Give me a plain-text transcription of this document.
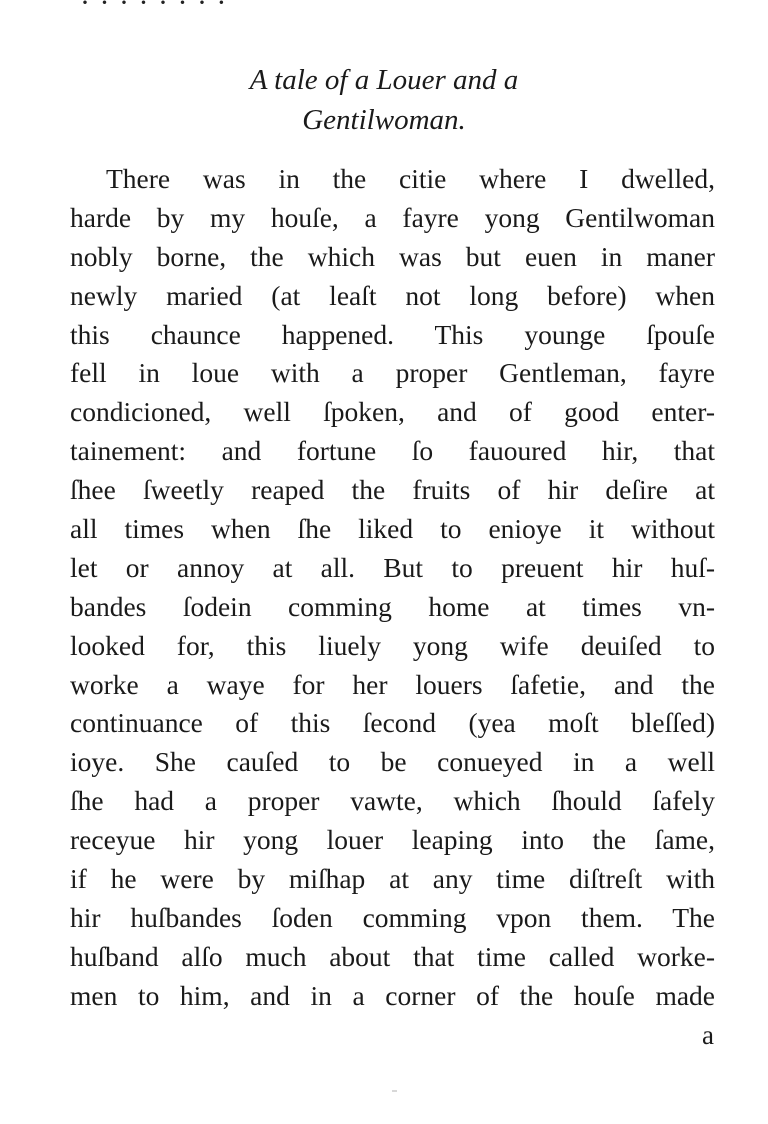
· · · · · · · ·
A tale of a Louer and a
Gentilwoman.
There was in the citie where I dwelled,
harde by my houſe, a fayre yong Gentilwoman
nobly borne, the which was but euen in maner
newly maried (at leaſt not long before) when
this chaunce happened. This younge ſpouſe
fell in loue with a proper Gentleman, fayre
condicioned, well ſpoken, and of good enter-
tainement: and fortune ſo fauoured hir, that
ſhee ſweetly reaped the fruits of hir deſire at
all times when ſhe liked to enioye it without
let or annoy at all. But to preuent hir huſ-
bandes ſodein comming home at times vn-
looked for, this liuely yong wife deuiſed to
worke a waye for her louers ſafetie, and the
continuance of this ſecond (yea moſt bleſſed)
ioye. She cauſed to be conueyed in a well
ſhe had a proper vawte, which ſhould ſafely
receyue hir yong louer leaping into the ſame,
if he were by miſhap at any time diſtreſt with
hir huſbandes ſoden comming vpon them. The
huſband alſo much about that time called worke-
men to him, and in a corner of the houſe made
a
